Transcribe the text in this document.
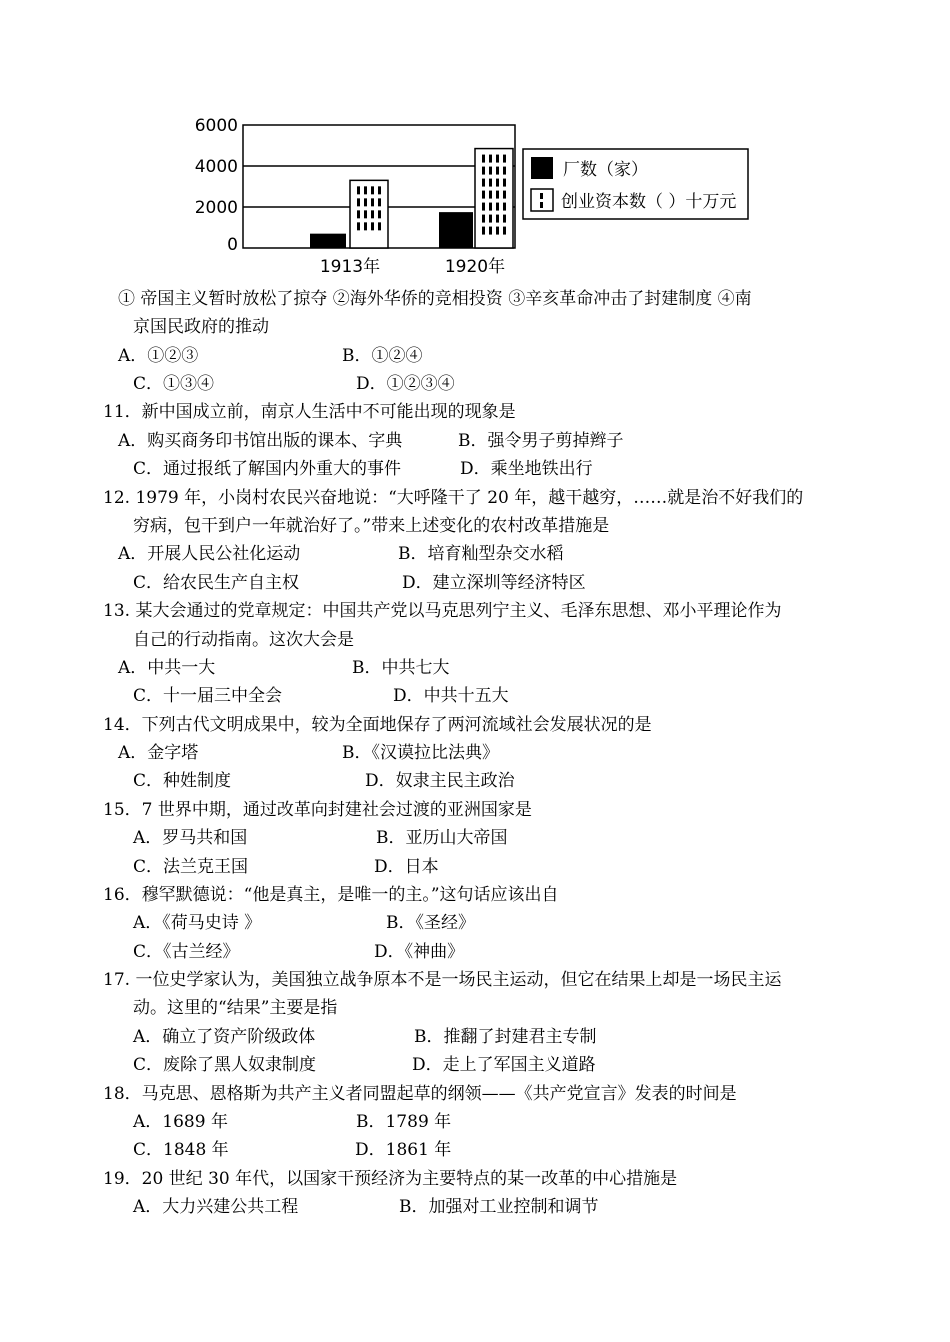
6000
4000
2000
0
1913年	1920年
厂数（家）
创业资本数（ ）十万元
① 帝国主义暂时放松了掠夺 ②海外华侨的竞相投资 ③辛亥革命冲击了封建制度 ④南
京国民政府的推动
A．①②③	B．①②④
C．①③④	D．①②③④
11．新中国成立前，南京人生活中不可能出现的现象是
A．购买商务印书馆出版的课本、字典	B．强令男子剪掉辫子
C．通过报纸了解国内外重大的事件	D．乘坐地铁出行
12. 1979 年，小岗村农民兴奋地说：“大呼隆干了 20 年，越干越穷，……就是治不好我们的
穷病，包干到户一年就治好了。”带来上述变化的农村改革措施是
A．开展人民公社化运动	B．培育籼型杂交水稻
C．给农民生产自主权	D．建立深圳等经济特区
13. 某大会通过的党章规定：中国共产党以马克思列宁主义、毛泽东思想、邓小平理论作为
自己的行动指南。这次大会是
A．中共一大	B．中共七大
C．十一届三中全会	D．中共十五大
14．下列古代文明成果中，较为全面地保存了两河流域社会发展状况的是
A．金字塔	B．《汉谟拉比法典》
C．种姓制度	D．奴隶主民主政治
15．7 世界中期，通过改革向封建社会过渡的亚洲国家是
A．罗马共和国	B．亚历山大帝国
C．法兰克王国	D．日本
16．穆罕默德说：“他是真主，是唯一的主。”这句话应该出自
A．《荷马史诗 》	B．《圣经》
C．《古兰经》	D．《神曲》
17. 一位史学家认为，美国独立战争原本不是一场民主运动，但它在结果上却是一场民主运
动。这里的“结果”主要是指
A．确立了资产阶级政体	B．推翻了封建君主专制
C．废除了黑人奴隶制度	D．走上了军国主义道路
18．马克思、恩格斯为共产主义者同盟起草的纲领——《共产党宣言》发表的时间是
A．1689 年	B．1789 年
C．1848 年	D．1861 年
19．20 世纪 30 年代，以国家干预经济为主要特点的某一改革的中心措施是
A．大力兴建公共工程	B．加强对工业控制和调节
